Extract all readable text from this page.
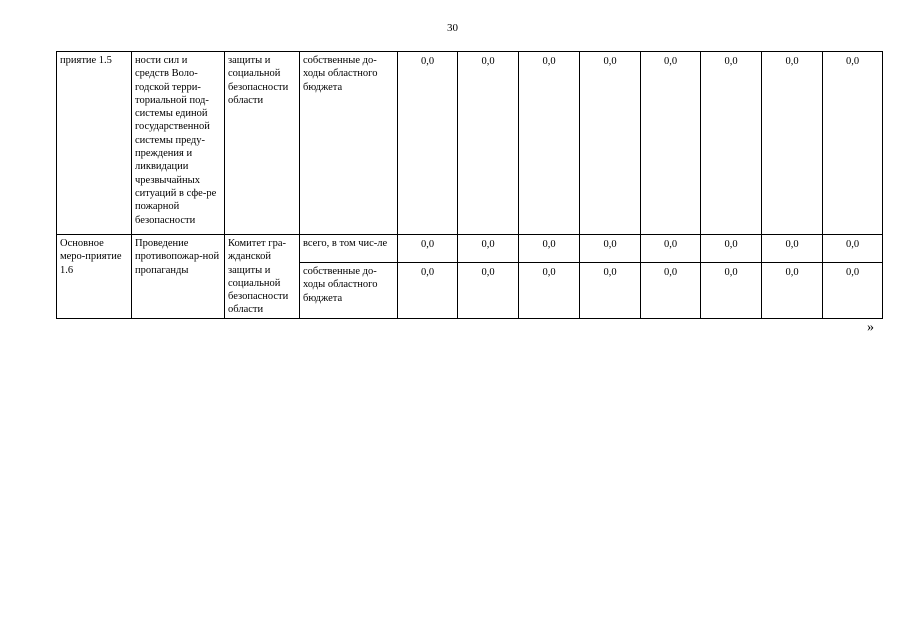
30
приятие 1.5	ности сил и средств Воло-годской терри-ториальной под-системы единой государственной системы преду-преждения и ликвидации чрезвычайных ситуаций в сфе-ре пожарной безопасности	защиты и социальной безопасности области	собственные до-ходы областного бюджета	0,0	0,0	0,0	0,0	0,0	0,0	0,0	0,0
Основное меро-приятие 1.6	Проведение противопожар-ной пропаганды	Комитет гра-жданской защиты и социальной безопасности области	всего, в том чис-ле	0,0	0,0	0,0	0,0	0,0	0,0	0,0	0,0
			собственные до-ходы областного бюджета	0,0	0,0	0,0	0,0	0,0	0,0	0,0	0,0
»
